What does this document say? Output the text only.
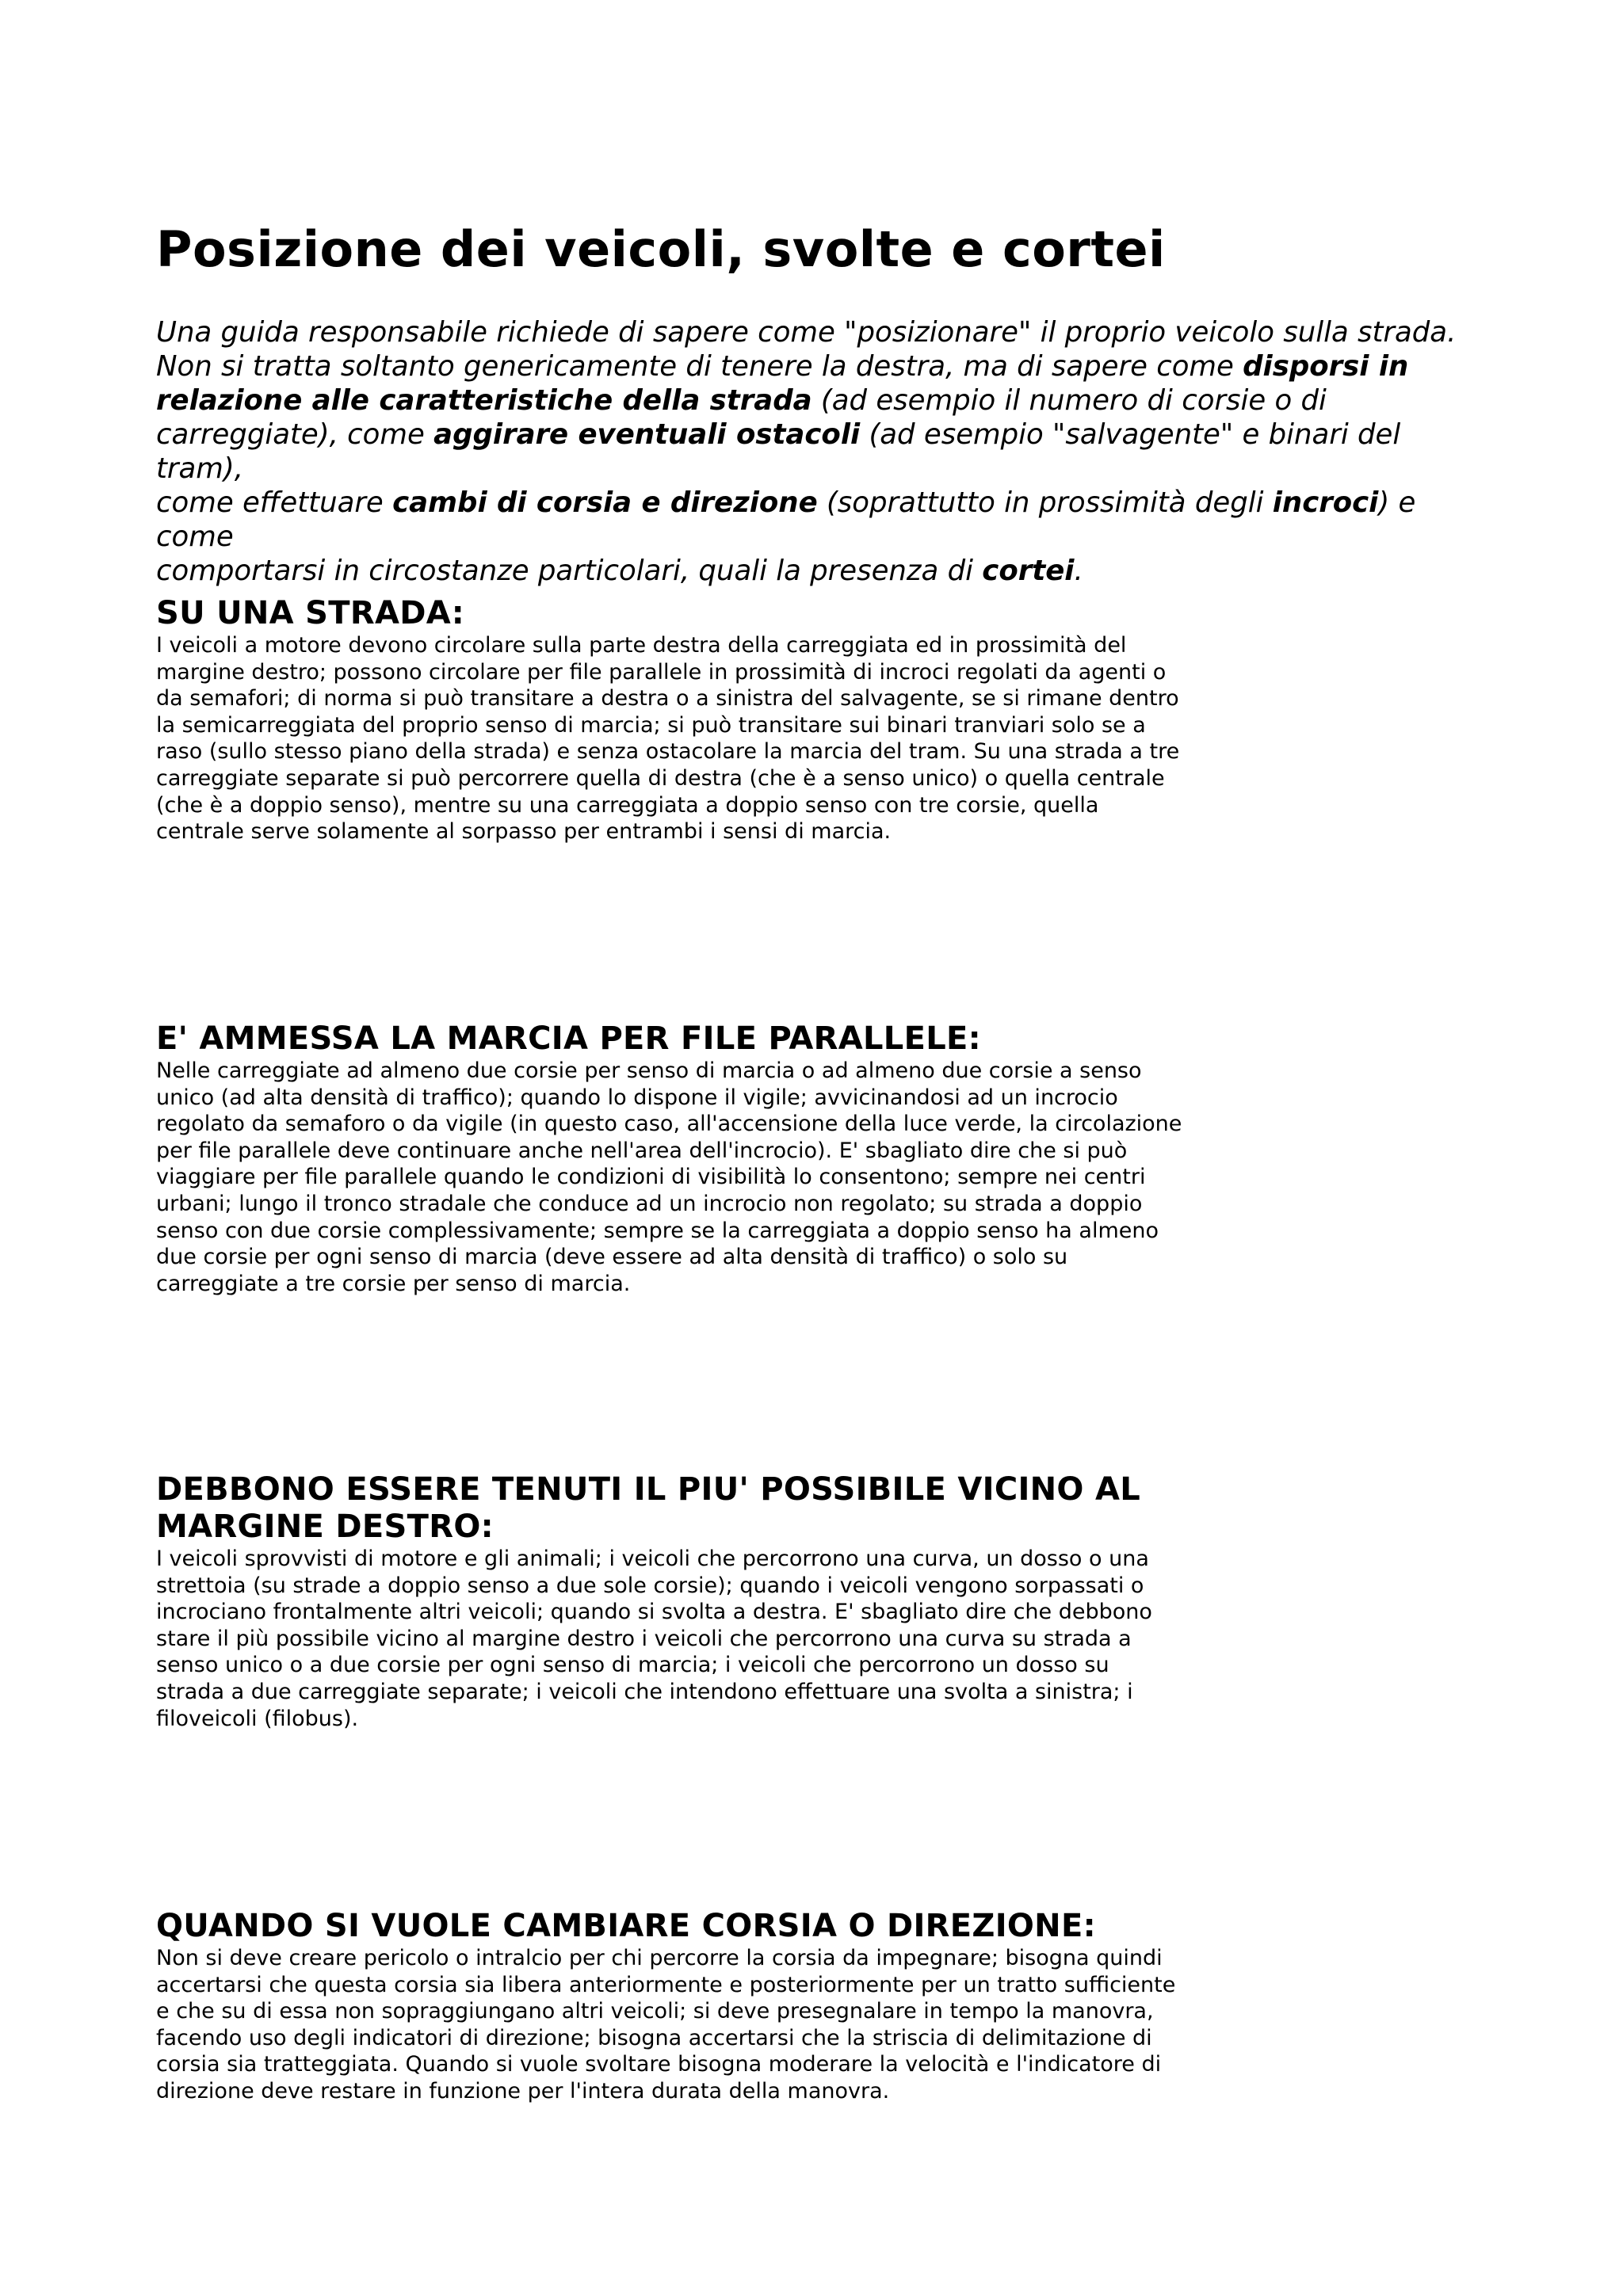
Posizione dei veicoli, svolte e cortei

Una guida responsabile richiede di sapere come "posizionare" il proprio veicolo sulla strada.
Non si tratta soltanto genericamente di tenere la destra, ma di sapere come disporsi in
relazione alle caratteristiche della strada (ad esempio il numero di corsie o di
carreggiate), come aggirare eventuali ostacoli (ad esempio "salvagente" e binari del tram),
come effettuare cambi di corsia e direzione (soprattutto in prossimità degli incroci) e come
comportarsi in circostanze particolari, quali la presenza di cortei.

SU UNA STRADA:

I veicoli a motore devono circolare sulla parte destra della carreggiata ed in prossimità del
margine destro; possono circolare per file parallele in prossimità di incroci regolati da agenti o
da semafori; di norma si può transitare a destra o a sinistra del salvagente, se si rimane dentro
la semicarreggiata del proprio senso di marcia; si può transitare sui binari tranviari solo se a
raso (sullo stesso piano della strada) e senza ostacolare la marcia del tram. Su una strada a tre
carreggiate separate si può percorrere quella di destra (che è a senso unico) o quella centrale
(che è a doppio senso), mentre su una carreggiata a doppio senso con tre corsie, quella
centrale serve solamente al sorpasso per entrambi i sensi di marcia.

E' AMMESSA LA MARCIA PER FILE PARALLELE:

Nelle carreggiate ad almeno due corsie per senso di marcia o ad almeno due corsie a senso
unico (ad alta densità di traffico); quando lo dispone il vigile; avvicinandosi ad un incrocio
regolato da semaforo o da vigile (in questo caso, all'accensione della luce verde, la circolazione
per file parallele deve continuare anche nell'area dell'incrocio). E' sbagliato dire che si può
viaggiare per file parallele quando le condizioni di visibilità lo consentono; sempre nei centri
urbani; lungo il tronco stradale che conduce ad un incrocio non regolato; su strada a doppio
senso con due corsie complessivamente; sempre se la carreggiata a doppio senso ha almeno
due corsie per ogni senso di marcia (deve essere ad alta densità di traffico) o solo su
carreggiate a tre corsie per senso di marcia.

DEBBONO ESSERE TENUTI IL PIU' POSSIBILE VICINO AL
MARGINE DESTRO:

I veicoli sprovvisti di motore e gli animali; i veicoli che percorrono una curva, un dosso o una
strettoia (su strade a doppio senso a due sole corsie); quando i veicoli vengono sorpassati o
incrociano frontalmente altri veicoli; quando si svolta a destra. E' sbagliato dire che debbono
stare il più possibile vicino al margine destro i veicoli che percorrono una curva su strada a
senso unico o a due corsie per ogni senso di marcia; i veicoli che percorrono un dosso su
strada a due carreggiate separate; i veicoli che intendono effettuare una svolta a sinistra; i
filoveicoli (filobus).

QUANDO SI VUOLE CAMBIARE CORSIA O DIREZIONE:

Non si deve creare pericolo o intralcio per chi percorre la corsia da impegnare; bisogna quindi
accertarsi che questa corsia sia libera anteriormente e posteriormente per un tratto sufficiente
e che su di essa non sopraggiungano altri veicoli; si deve presegnalare in tempo la manovra,
facendo uso degli indicatori di direzione; bisogna accertarsi che la striscia di delimitazione di
corsia sia tratteggiata. Quando si vuole svoltare bisogna moderare la velocità e l'indicatore di
direzione deve restare in funzione per l'intera durata della manovra.
